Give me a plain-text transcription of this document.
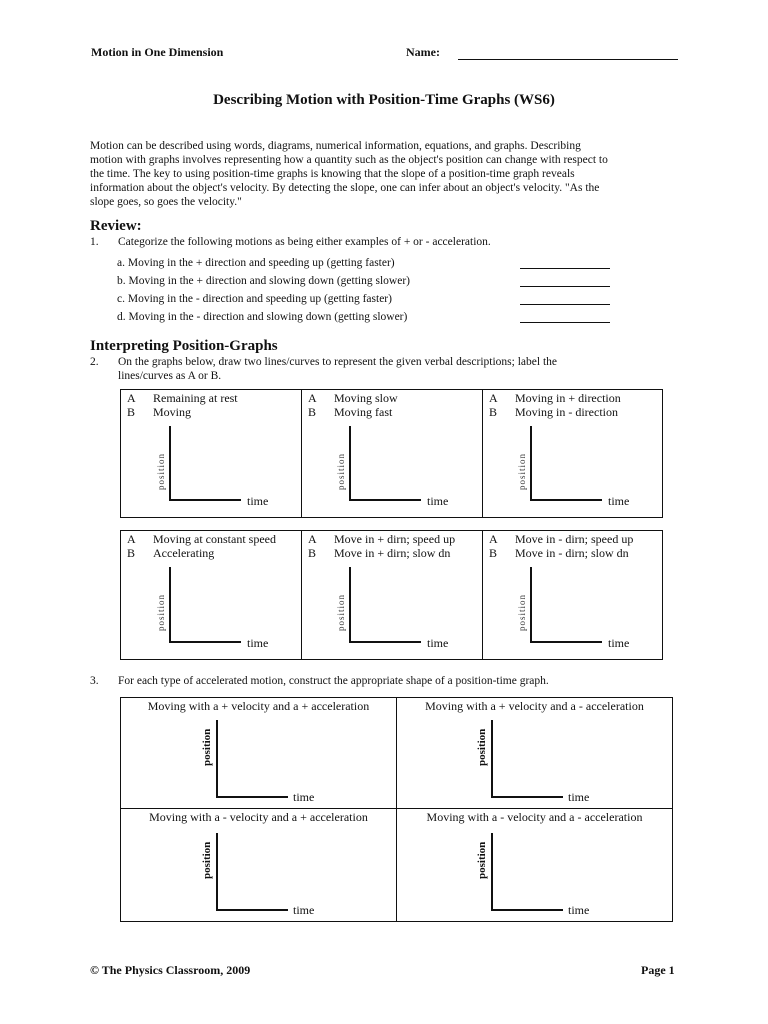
Motion in One Dimension	Name:
Describing Motion with Position-Time Graphs (WS6)
Motion can be described using words, diagrams, numerical information, equations, and graphs. Describing
motion with graphs involves representing how a quantity such as the object's position can change with respect to
the time. The key to using position-time graphs is knowing that the slope of a position-time graph reveals
information about the object's velocity. By detecting the slope, one can infer about an object's velocity. "As the
slope goes, so goes the velocity."
Review:
1. Categorize the following motions as being either examples of + or - acceleration.
a. Moving in the + direction and speeding up (getting faster)
b. Moving in the + direction and slowing down (getting slower)
c. Moving in the - direction and speeding up (getting faster)
d. Moving in the - direction and slowing down (getting slower)
Interpreting Position-Graphs
2. On the graphs below, draw two lines/curves to represent the given verbal descriptions; label the
lines/curves as A or B.
A Remaining at rest
B Moving
position
time
A Moving slow
B Moving fast
position
time
A Moving in + direction
B Moving in - direction
position
time
A Moving at constant speed
B Accelerating
position
time
A Move in + dirn; speed up
B Move in + dirn; slow dn
position
time
A Move in - dirn; speed up
B Move in - dirn; slow dn
position
time
3. For each type of accelerated motion, construct the appropriate shape of a position-time graph.
Moving with a + velocity and a + acceleration
position
time
Moving with a + velocity and a - acceleration
position
time
Moving with a - velocity and a + acceleration
position
time
Moving with a - velocity and a - acceleration
position
time
© The Physics Classroom, 2009	Page 1
